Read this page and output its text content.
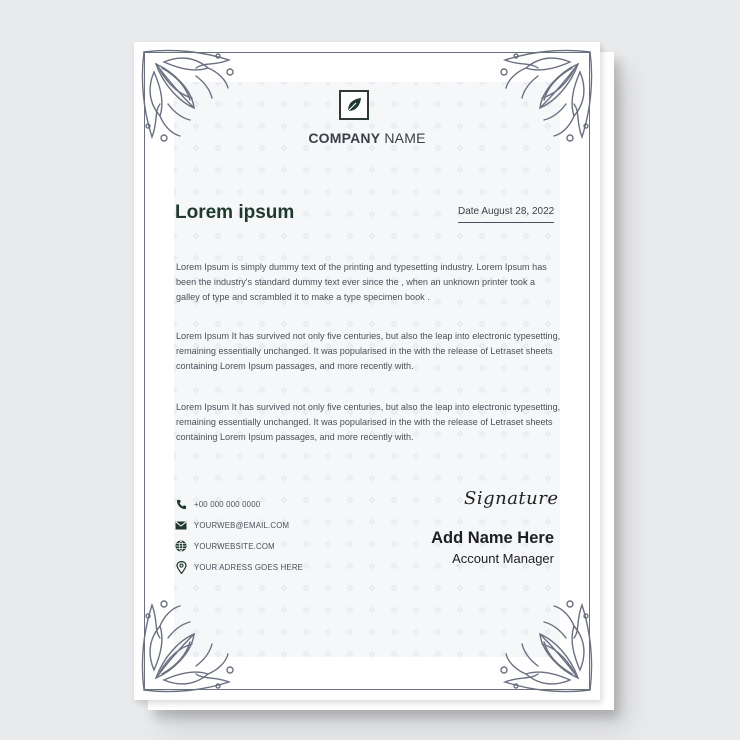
COMPANY NAME
Lorem ipsum	Date August 28, 2022
Lorem Ipsum is simply dummy text of the printing and typesetting industry. Lorem Ipsum has been the industry's standard dummy text ever since the , when an unknown printer took a galley of type and scrambled it to make a type specimen book .
Lorem Ipsum It has survived not only five centuries, but also the leap into electronic typesetting, remaining essentially unchanged. It was popularised in the with the release of Letraset sheets containing Lorem Ipsum passages, and more recently with.
Lorem Ipsum It has survived not only five centuries, but also the leap into electronic typesetting, remaining essentially unchanged. It was popularised in the with the release of Letraset sheets containing Lorem Ipsum passages, and more recently with.
+00 000 000 0000
YOURWEB@EMAIL.COM
YOURWEBSITE.COM
YOUR ADRESS GOES HERE
Signature
Add Name Here
Account Manager
